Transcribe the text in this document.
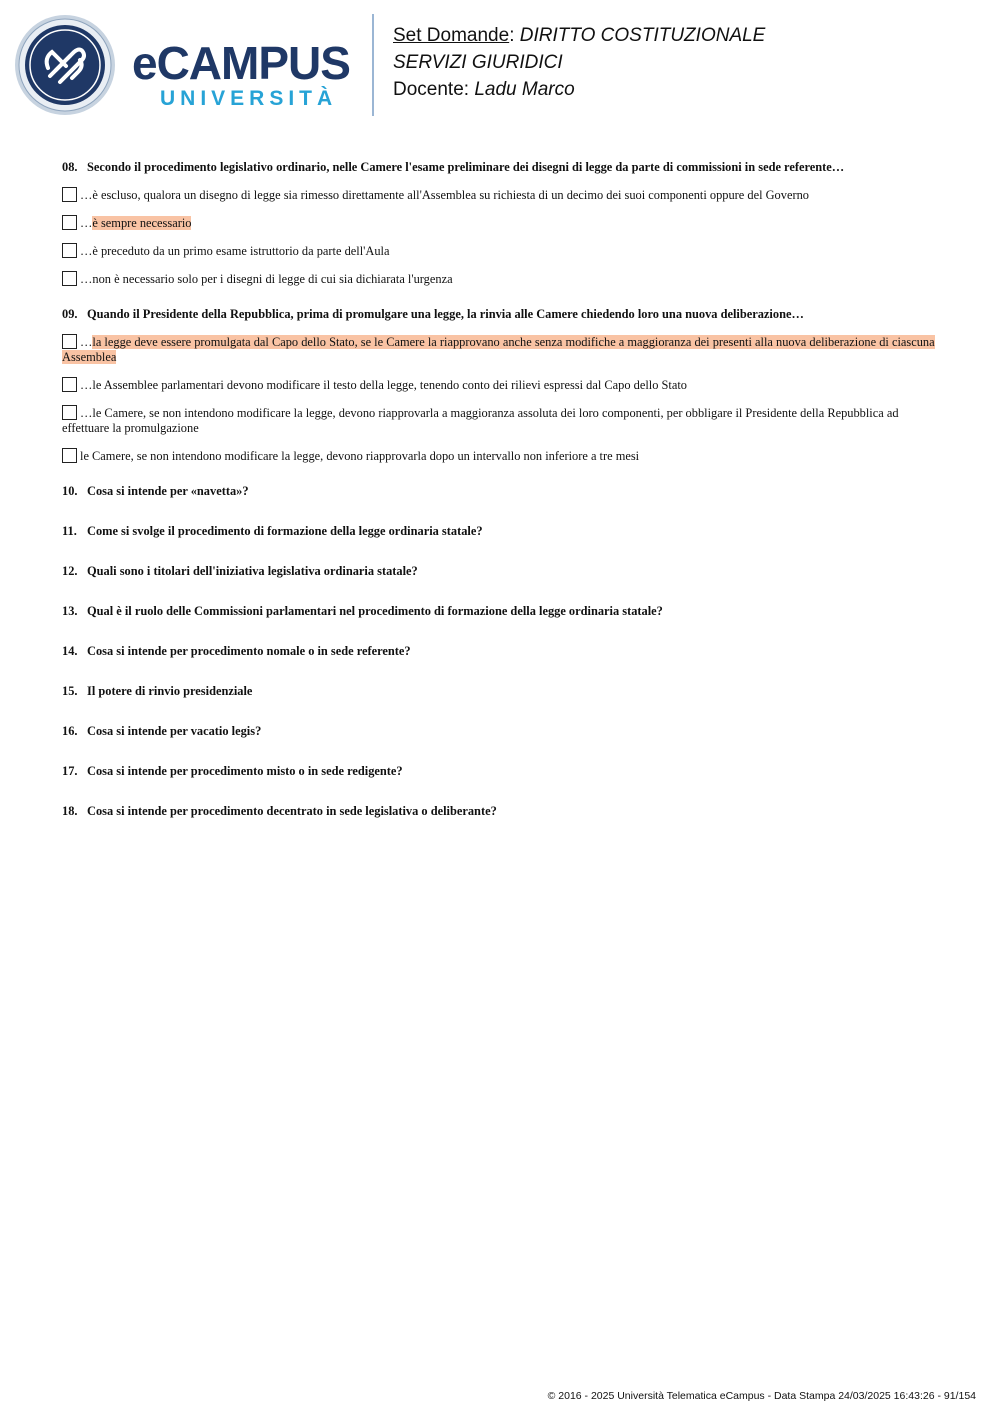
eCAMPUS
UNIVERSITÀ
Set Domande: DIRITTO COSTITUZIONALE
SERVIZI GIURIDICI
Docente: Ladu Marco
08. Secondo il procedimento legislativo ordinario, nelle Camere l'esame preliminare dei disegni di legge da parte di commissioni in sede referente…
…è escluso, qualora un disegno di legge sia rimesso direttamente all'Assemblea su richiesta di un decimo dei suoi componenti oppure del Governo
…è sempre necessario
…è preceduto da un primo esame istruttorio da parte dell'Aula
…non è necessario solo per i disegni di legge di cui sia dichiarata l'urgenza
09. Quando il Presidente della Repubblica, prima di promulgare una legge, la rinvia alle Camere chiedendo loro una nuova deliberazione…
…la legge deve essere promulgata dal Capo dello Stato, se le Camere la riapprovano anche senza modifiche a maggioranza dei presenti alla nuova deliberazione di ciascuna Assemblea
…le Assemblee parlamentari devono modificare il testo della legge, tenendo conto dei rilievi espressi dal Capo dello Stato
…le Camere, se non intendono modificare la legge, devono riapprovarla a maggioranza assoluta dei loro componenti, per obbligare il Presidente della Repubblica ad effettuare la promulgazione
le Camere, se non intendono modificare la legge, devono riapprovarla dopo un intervallo non inferiore a tre mesi
10. Cosa si intende per «navetta»?
11. Come si svolge il procedimento di formazione della legge ordinaria statale?
12. Quali sono i titolari dell'iniziativa legislativa ordinaria statale?
13. Qual è il ruolo delle Commissioni parlamentari nel procedimento di formazione della legge ordinaria statale?
14. Cosa si intende per procedimento nomale o in sede referente?
15. Il potere di rinvio presidenziale
16. Cosa si intende per vacatio legis?
17. Cosa si intende per procedimento misto o in sede redigente?
18. Cosa si intende per procedimento decentrato in sede legislativa o deliberante?
© 2016 - 2025 Università Telematica eCampus - Data Stampa 24/03/2025 16:43:26 - 91/154
